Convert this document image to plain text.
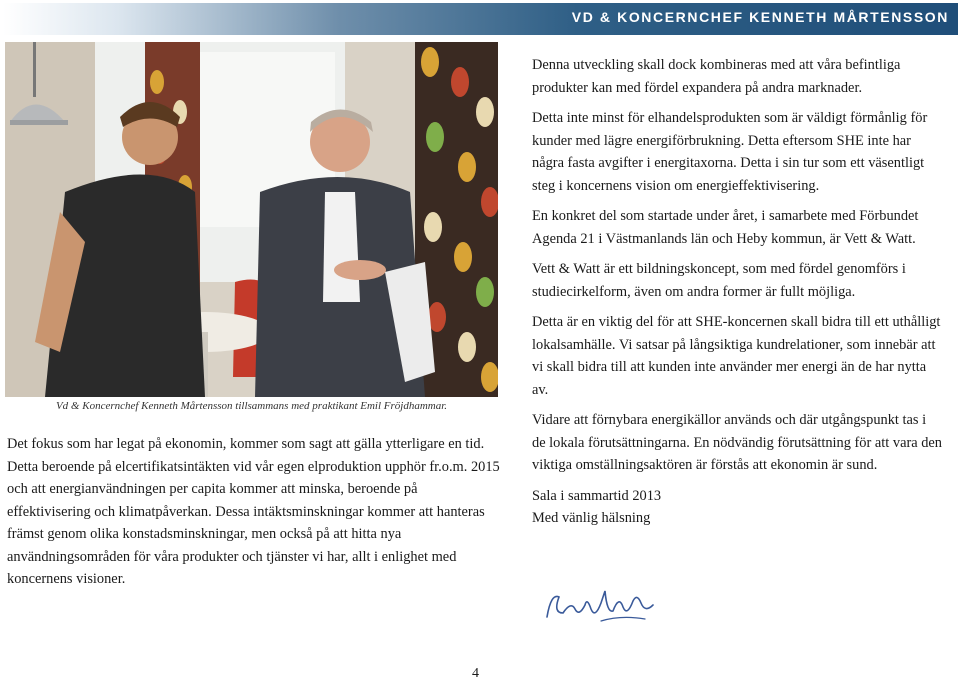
VD & KONCERNCHEF KENNETH MÅRTENSSON
Vd & Koncernchef Kenneth Mårtensson tillsammans med praktikant Emil Fröjdhammar.
Det fokus som har legat på ekonomin, kommer som sagt att gälla ytterligare en tid. Detta beroende på elcertifikatsintäkten vid vår egen elproduktion upphör fr.o.m. 2015 och att energianvändningen per capita kommer att minska, beroende på effektivisering och klimatpåverkan. Dessa intäktsminskningar kommer att hanteras främst genom olika konstadsminskningar, men också på att hitta nya användningsområden för våra produkter och tjänster vi har, allt i enlighet med koncernens visioner.

Denna utveckling skall dock kombineras med att våra befintliga produkter kan med fördel expandera på andra marknader.

Detta inte minst för elhandelsprodukten som är väldigt förmånlig för kunder med lägre energiförbrukning. Detta eftersom SHE inte har några fasta avgifter i energitaxorna. Detta i sin tur som ett väsentligt steg i koncernens vision om energieffektivisering.

En konkret del som startade under året, i samarbete med Förbundet Agenda 21 i Västmanlands län och Heby kommun, är Vett & Watt.

Vett & Watt är ett bildningskoncept, som med fördel genomförs i studiecirkelform, även om andra former är fullt möjliga.

Detta är en viktig del för att SHE-koncernen skall bidra till ett uthålligt lokalsamhälle. Vi satsar på långsiktiga kundrelationer, som innebär att vi skall bidra till att kunden inte använder mer energi än de har nytta av.

Vidare att förnybara energikällor används och där utgångspunkt tas i de lokala förutsättningarna. En nödvändig förutsättning för att vara den viktiga omställningsaktören är förstås att ekonomin är sund.

Sala i sammartid 2013

Med vänlig hälsning

4
